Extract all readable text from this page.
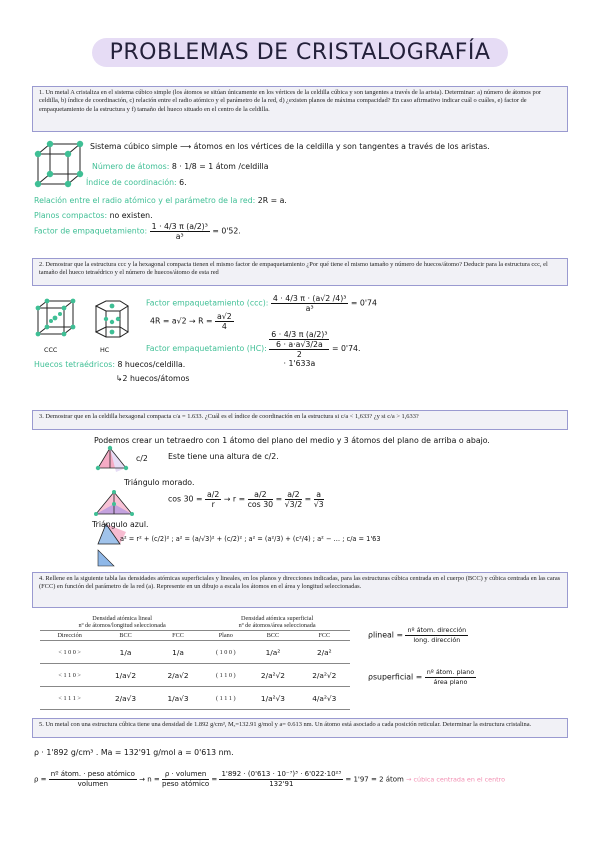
PROBLEMAS DE CRISTALOGRAFÍA
1. Un metal A cristaliza en el sistema cúbico simple (los átomos se sitúan únicamente en los vértices de la celdilla cúbica y son tangentes a través de la arista). Determinar: a) número de átomos por celdilla, b) índice de coordinación, c) relación entre el radio atómico y el parámetro de la red, d) ¿existen planos de máxima compacidad? En caso afirmativo indicar cuál o cuáles, e) factor de empaquetamiento de la estructura y f) tamaño del hueco situado en el centro de la celdilla.
Sistema cúbico simple ⟶ átomos en los vértices de la celdilla y son tangentes a través de los aristas.
Número de átomos: 8 · 1/8 = 1 átom /celdilla
Índice de coordinación: 6.
Relación entre el radio atómico y el parámetro de la red: 2R = a.
Planos compactos: no existen.
Factor de empaquetamiento: $\frac{\text{1 · 4/3 π (a/2)³}}{\text{a³}} = 0'52$.
2. Demostrar que la estructura ccc y la hexagonal compacta tienen el mismo factor de empaquetamiento ¿Por qué tiene el mismo tamaño y número de huecos/átomo? Deducir para la estructura ccc, el tamaño del hueco tetraédrico y el número de huecos/átomo de esta red
CCC	HC
Factor empaquetamiento (ccc): $\frac{\text{4 · 4/3 π · (a√2 /4)³}}{\text{a³}} = 0'74$
$4R = a√2 \to R = \frac{a√2}{4}$
Factor empaquetamiento (HC): 6 · 4/3 π (a/2)³
6 · a·a√3/2a
2
· 1'633a = 0'74.
Huecos tetraédricos: 8 huecos/celdilla.
↳2 huecos/átomos
3. Demostrar que en la celdilla hexagonal compacta c/a = 1.633. ¿Cuál es el índice de coordinación en la estructura si c/a < 1,633? ¿y si c/a > 1,633?
c/2
Podemos crear un tetraedro con 1 átomo del plano del medio y 3 átomos del plano de arriba o abajo.
Este tiene una altura de c/2.
Triángulo morado.
$\cos 30 = \frac{a/2}{r} \to r = \frac{a/2}{\cos 30} = \frac{a/2}{√3/2} = \frac{a}{√3}$
Triángulo azul.
a² = r² + (c/2)² ; a² = (a/√3)² + (c/2)² ; a² = (a²/3) + (c²/4) ; a² − … ; c/a = 1'63
4. Rellene en la siguiente tabla las densidades atómicas superficiales y lineales, en los planos y direcciones indicadas, para las estructuras cúbica centrada en el cuerpo (BCC) y cúbica centrada en las caras (FCC) en función del parámetro de la red (a). Represente en un dibujo a escala los átomos en el área y longitud seleccionadas.
Densidad atómica lineal
nº de átomos/longitud seleccionada			Densidad atómica superficial
nº de átomos/área seleccionada		
Dirección	BCC	FCC	Plano	BCC	FCC
< 1 0 0 >	1/a	1/a	( 1 0 0 )	1/a²	2/a²
< 1 1 0 >	1/a√2	2/a√2	( 1 1 0 )	2/a²√2	2/a²√2
< 1 1 1 >	2/a√3	1/a√3	( 1 1 1 )	1/a²√3	4/a²√3
ρlineal = $\frac{\text{nº átom. dirección}}{\text{long. dirección}}$
ρsuperficial = $\frac{\text{nº átom. plano}}{\text{área plano}}$
5. Un metal con una estructura cúbica tiene una densidad de 1.892 g/cm³, Mₐ=132.91 g/mol y a= 0.613 nm. Un átomo está asociado a cada posición reticular. Determinar la estructura cristalina.
ρ · 1'892 g/cm³ . Ma = 132'91 g/mol a = 0'613 nm.
$\rho = \frac{\text{nº átom. · peso atómico}}{\text{volumen}} \to n = \frac{\text{ρ · volumen}}{\text{peso atómico}} = \frac{\text{1'892 · (0'613 · 10⁻⁷)³ · 6'022·10²³}}{132'91} = 1'97 = 2$ átom → cúbica centrada en el centro
